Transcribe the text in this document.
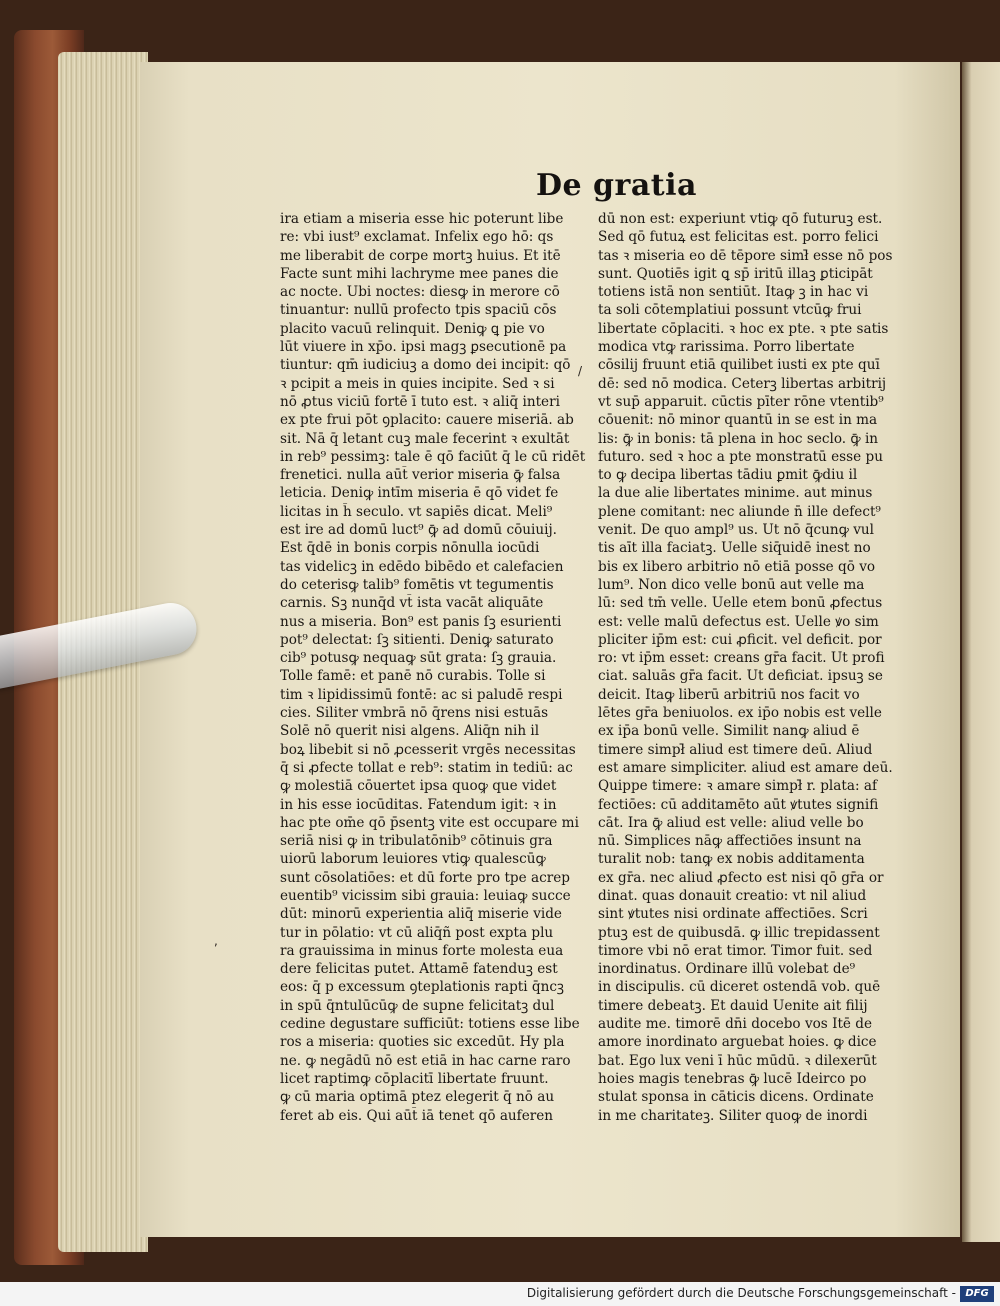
De gratia
ira etiam a miseria esse hic poterunt libe
re: vbi iust⁹ exclamat. Infelix ego hō: qs
me liberabit de corpe mortꝫ huius. Et itē
Facte sunt mihi lachryme mee panes die
ac nocte. Ubi noctes: diesꝙ in merore cō
tinuantur: nullū profecto tpis spaciū cōs
placito vacuū relinquit. Deniꝙ ꝗ pie vo
lūt viuere in xp̄o. ipsi magꝫ ꝑsecutionē pa
tiuntur: qm̄ iudiciuꝫ a domo dei incipit: qō
ꝛ pcipit a meis in quies incipite. Sed ꝛ si
nō ꝓtus viciū fortē ī tuto est. ꝛ aliq̄ interi
ex pte frui pōt ꝯplacito: cauere miseriā. ab
sit. Nā q̄ letant cuꝫ male fecerint ꝛ exultāt
in reb⁹ pessimꝫ: tale ē qō faciūt q̄ le cū ridēt
frenetici. nulla aūt̄ verior miseria ꝙ̄ falsa
leticia. Deniꝙ intīm miseria ē qō videt fe
licitas in h̄ seculo. vt sapiēs dicat. Meli⁹
est ire ad domū luct⁹ ꝙ̄ ad domū cōuiuij.
Est q̄dē in bonis corpis nōnulla iocūdi
tas videlicꝫ in edēdo bibēdo et calefacien
do ceterisꝙ talib⁹ fomētis vt tegumentis
carnis. Sꝫ nunq̄d vt̄ ista vacāt aliquāte
nus a miseria. Bon⁹ est panis ſꝫ esurienti
pot⁹ delectat: ſꝫ sitienti. Deniꝙ saturato
cib⁹ potusꝙ nequaꝙ sūt grata: ſꝫ grauia.
Tolle famē: et panē nō curabis. Tolle si
tim ꝛ lipidissimū fontē: ac si paludē respi
cies. Siliter vmbrā nō q̄rens nisi estuās
Solē nō querit nisi algens. Aliq̄n nih il
boꝝ libebit si nō ꝓcesserit vrgēs necessitas
q̄ si ꝓfecte tollat e reb⁹: statim in tediū: ac
ꝙ molestiā cōuertet ipsa quoꝙ que videt
in his esse iocūditas. Fatendum igit: ꝛ in
hac pte om̄e qō p̄sentꝫ vite est occupare mi
seriā nisi ꝙ in tribulatōnib⁹ cōtinuis gra
uiorū laborum leuiores vtiꝙ qualescūꝙ
sunt cōsolatiōes: et dū forte pro tpe acrep
euentib⁹ vicissim sibi grauia: leuiaꝙ succe
dūt: minorū experientia aliq̄ miserie vide
tur in pōlatio: vt cū aliq̄ñ post expta plu
ra grauissima in minus forte molesta eua
dere felicitas putet. Attamē fatenduꝫ est
eos: q̄ p excessum ꝯteplationis rapti q̄ncꝫ
in spū q̄ntulūcūꝙ de supne felicitatꝫ dul
cedine degustare sufficiūt: totiens esse libe
ros a miseria: quoties sic excedūt. Hy pla
ne. ꝙ negādū nō est etiā in hac carne raro
licet raptimꝙ cōplacitī libertate fruunt.
ꝙ cū maria optimā ptez elegerit q̄ nō au
feret ab eis. Qui aūt̄ iā tenet qō auferen
dū non est: experiunt vtiꝙ qō futuruꝫ est.
Sed qō futuꝝ est felicitas est. porro felici
tas ꝛ miseria eo dē tēpore simł̄ esse nō pos
sunt. Quotiēs igit ꝗ sp̄ iritū illaꝫ ꝑticipāt
totiens istā non sentiūt. Itaꝙ ꝫ in hac vi
ta soli cōtemplatiui possunt vtcūꝙ frui
libertate cōplaciti. ꝛ hoc ex pte. ꝛ pte satis
modica vtꝙ rarissima. Porro libertate
cōsilij fruunt etiā quilibet iusti ex pte quī
dē: sed nō modica. Ceterꝫ libertas arbitrij
vt sup̄ apparuit. cūctis pīter rōne vtentib⁹
cōuenit: nō minor quantū in se est in ma
lis: ꝙ̄ in bonis: tā plena in hoc seclo. ꝙ̄ in
futuro. sed ꝛ hoc a pte monstratū esse pu
to ꝙ decipa libertas tādiu ꝑmit ꝙ̄diu il
la due alie libertates minime. aut minus
plene comitant: nec aliunde n̄ ille defect⁹
venit. De quo ampl⁹ us. Ut nō q̄cunꝙ vul
tis aīt illa faciatꝫ. Uelle siq̄uidē inest no
bis ex libero arbitrio nō etiā posse qō vo
lum⁹. Non dico velle bonū aut velle ma
lū: sed tm̄ velle. Uelle etem bonū ꝓfectus
est: velle malū defectus est. Uelle ꝟo sim
pliciter ip̄m est: cui ꝓficit. vel deficit. por
ro: vt ip̄m esset: creans gr̄a facit. Ut profi
ciat. saluās gr̄a facit. Ut deficiat. ipsuꝫ se
deicit. Itaꝙ liberū arbitriū nos facit vo
lētes gr̄a beniuolos. ex ip̄o nobis est velle
ex ip̄a bonū velle. Similit nanꝙ aliud ē
timere simpł̄ aliud est timere deū. Aliud
est amare simpliciter. aliud est amare deū.
Quippe timere: ꝛ amare simpł̄ r. plata: af
fectiōes: cū additamēto aūt ꝟtutes signifi
cāt. Ira ꝙ̄ aliud est velle: aliud velle bo
nū. Simplices nāꝙ affectiōes insunt na
turalit nob: tanꝙ ex nobis additamenta
ex gr̄a. nec aliud ꝓfecto est nisi qō gr̄a or
dinat. quas donauit creatio: vt nil aliud
sint ꝟtutes nisi ordinate affectiōes. Scri
ptuꝫ est de quibusdā. ꝙ illic trepidassent
timore vbi nō erat timor. Timor fuit. sed
inordinatus. Ordinare illū volebat de⁹
in discipulis. cū diceret ostendā vob. quē
timere debeatꝫ. Et dauid Uenite ait filij
audite me. timorē dn̄i docebo vos Itē de
amore inordinato arguebat hoies. ꝙ dice
bat. Ego lux veni ī hūc mūdū. ꝛ dilexerūt
hoies magis tenebras ꝙ̄ lucē Ideirco po
stulat sponsa in cāticis dicens. Ordinate
in me charitateꝫ. Siliter quoꝙ de inordi
/
,
Digitalisierung gefördert durch die Deutsche Forschungsgemeinschaft - DFG
